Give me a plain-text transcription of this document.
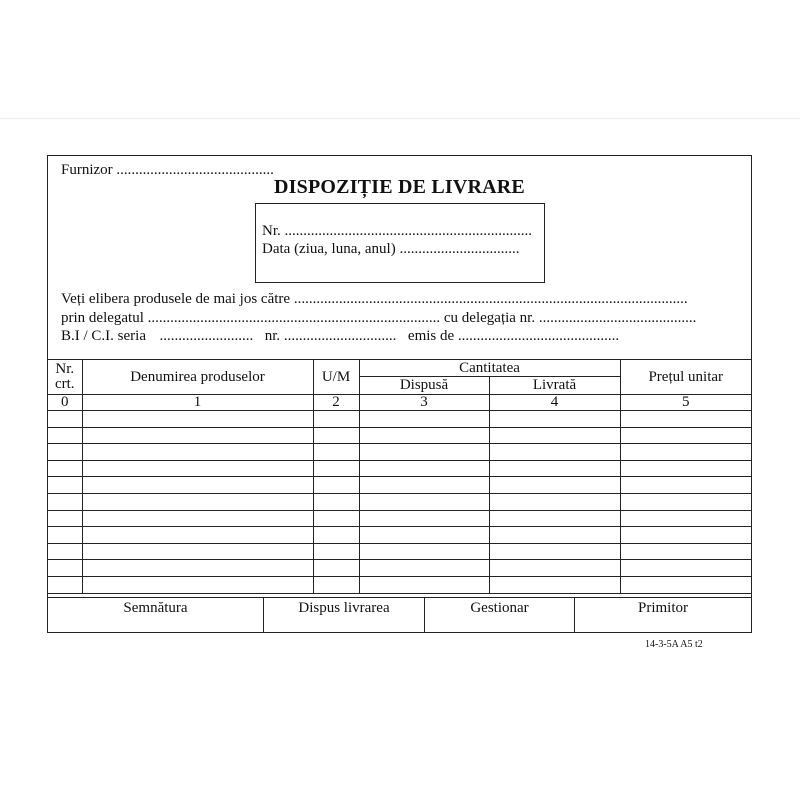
Furnizor ..........................................
DISPOZIȚIE DE LIVRARE
Nr. ..................................................................
Data (ziua, luna, anul) ................................
Veți elibera produsele de mai jos către .........................................................................................................
prin delegatul .............................................................................. cu delegația nr. ..........................................
B.I / C.I. seria ......................... nr. .............................. emis de ...........................................
Nr.
crt.	Denumirea produselor	U/M	Cantitatea		Prețul unitar
			Dispusă	Livrată	
0	1	2	3	4	5

Semnătura	Dispus livrarea	Gestionar	Primitor
14-3-5A A5 t2
